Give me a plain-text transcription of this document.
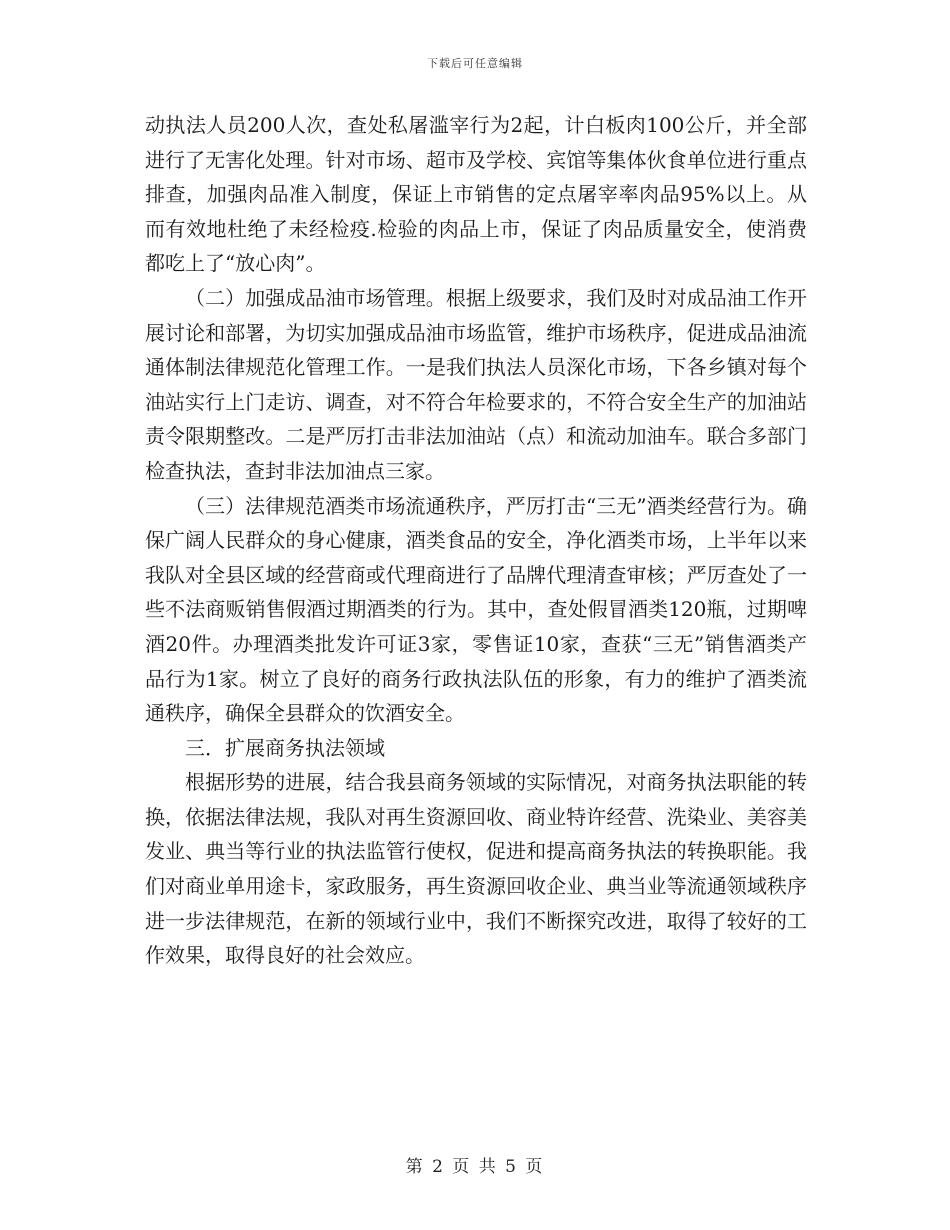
下载后可任意编辑

动执法人员200人次，查处私屠滥宰行为2起，计白板肉100公斤，并全部进行了无害化处理。针对市场、超市及学校、宾馆等集体伙食单位进行重点排查，加强肉品准入制度，保证上市销售的定点屠宰率肉品95%以上。从而有效地杜绝了未经检疫.检验的肉品上市，保证了肉品质量安全，使消费都吃上了“放心肉”。

（二）加强成品油市场管理。根据上级要求，我们及时对成品油工作开展讨论和部署，为切实加强成品油市场监管，维护市场秩序，促进成品油流通体制法律规范化管理工作。一是我们执法人员深化市场，下各乡镇对每个油站实行上门走访、调查，对不符合年检要求的，不符合安全生产的加油站责令限期整改。二是严厉打击非法加油站（点）和流动加油车。联合多部门检查执法，查封非法加油点三家。

（三）法律规范酒类市场流通秩序，严厉打击“三无”酒类经营行为。确保广阔人民群众的身心健康，酒类食品的安全，净化酒类市场，上半年以来我队对全县区域的经营商或代理商进行了品牌代理清查审核；严厉查处了一些不法商贩销售假酒过期酒类的行为。其中，查处假冒酒类120瓶，过期啤酒20件。办理酒类批发许可证3家，零售证10家，查获“三无”销售酒类产品行为1家。树立了良好的商务行政执法队伍的形象，有力的维护了酒类流通秩序，确保全县群众的饮酒安全。

三．扩展商务执法领域

根据形势的进展，结合我县商务领域的实际情况，对商务执法职能的转换，依据法律法规，我队对再生资源回收、商业特许经营、洗染业、美容美发业、典当等行业的执法监管行使权，促进和提高商务执法的转换职能。我们对商业单用途卡，家政服务，再生资源回收企业、典当业等流通领域秩序进一步法律规范，在新的领域行业中，我们不断探究改进，取得了较好的工作效果，取得良好的社会效应。

第 2 页 共 5 页
